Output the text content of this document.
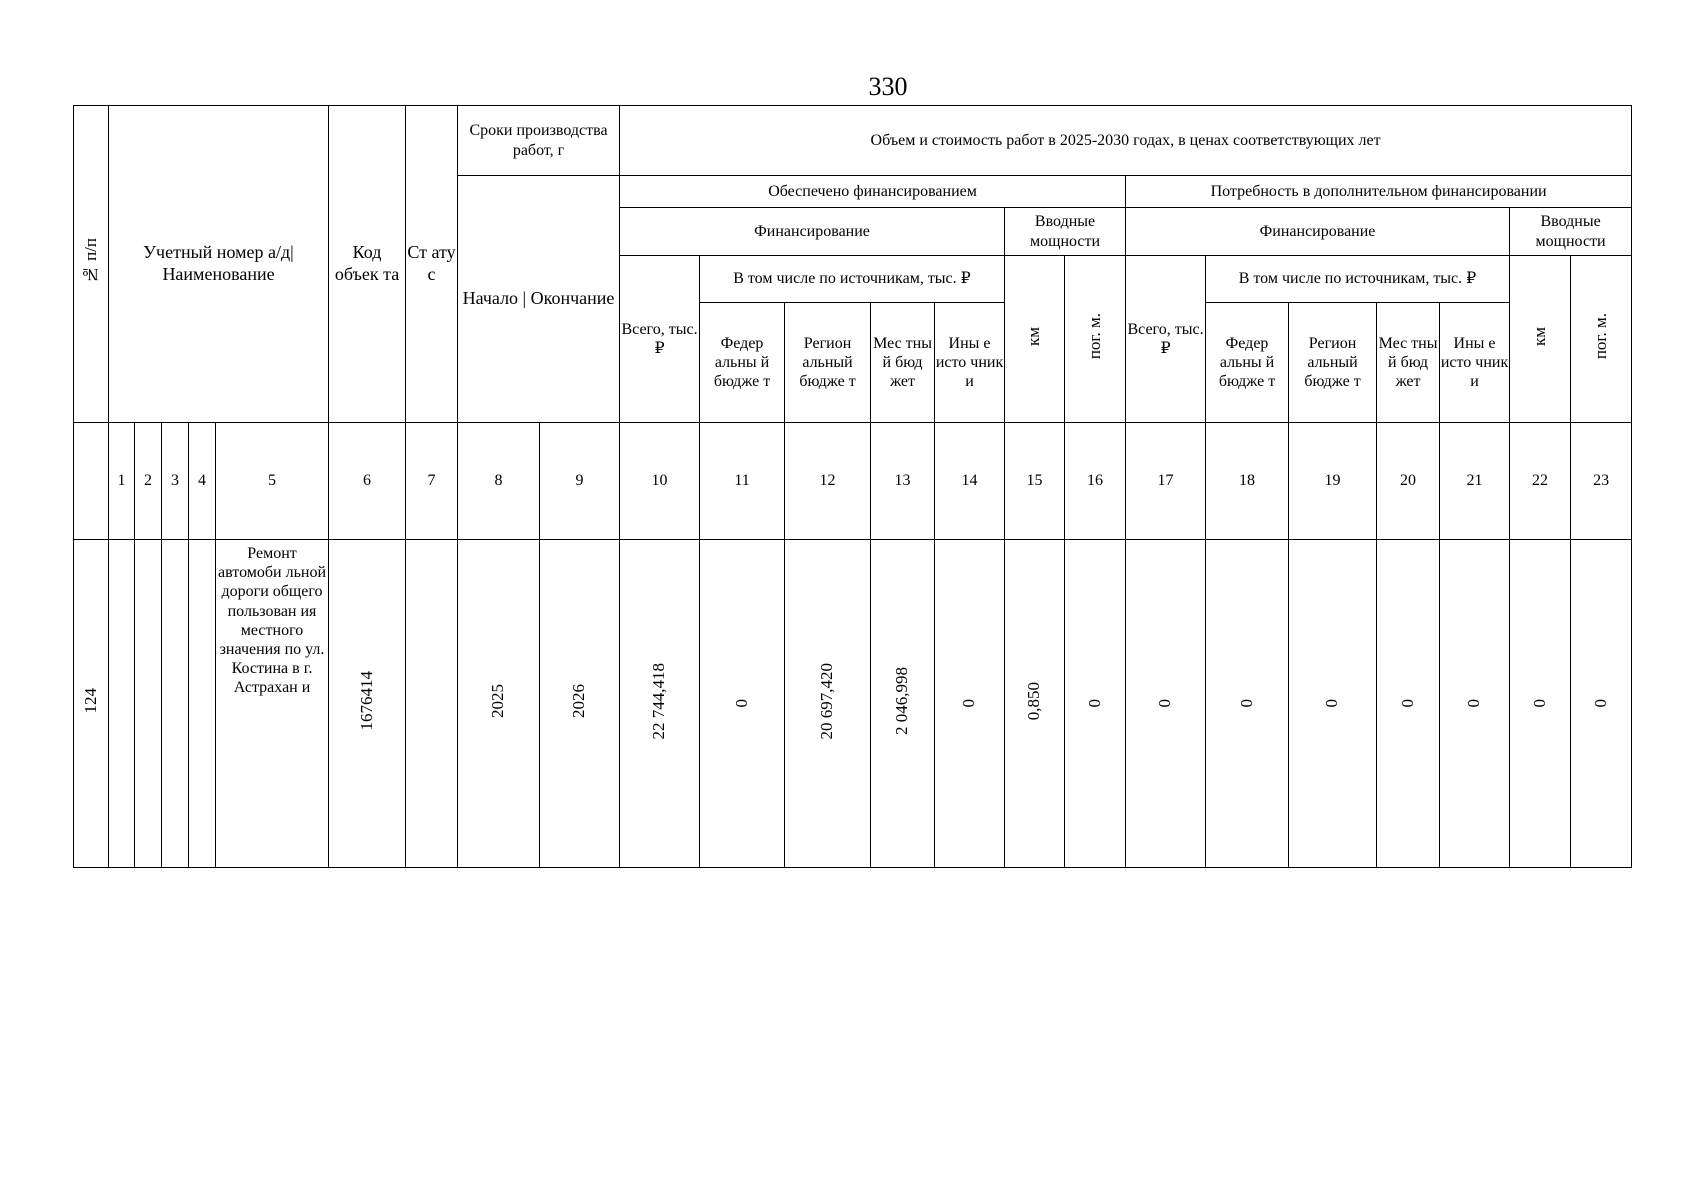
330
№ п/п	Учетный номер а/д| Наименование					Код объек та	Ст ату с	Сроки производства работ, г		Объем и стоимость работ в 2025-2030 годах, в ценах соответствующих лет													
								Начало | Окончание		Обеспечено финансированием							Потребность в дополнительном финансировании						
										Финансирование					Вводные мощности		Финансирование					Вводные мощности	
										Всего, тыс. ₽	В том числе по источникам, тыс. ₽				км	пог. м.	Всего, тыс. ₽	В том числе по источникам, тыс. ₽				км	пог. м.
											Федер альны й бюдже т	Регион альный бюдже т	Мес тны й бюд жет	Ины е исто чник и				Федер альны й бюдже т	Регион альный бюдже т	Мес тны й бюд жет	Ины е исто чник и		
	1	2	3	4	5	6	7	8	9	10	11	12	13	14	15	16	17	18	19	20	21	22	23
124					Ремонт автомоби льной дороги общего пользован ия местного значения по ул. Костина в г. Астрахан и	1676414		2025	2026	22 744,418	0	20 697,420	2 046,998	0	0,850	0	0	0	0	0	0	0	0
